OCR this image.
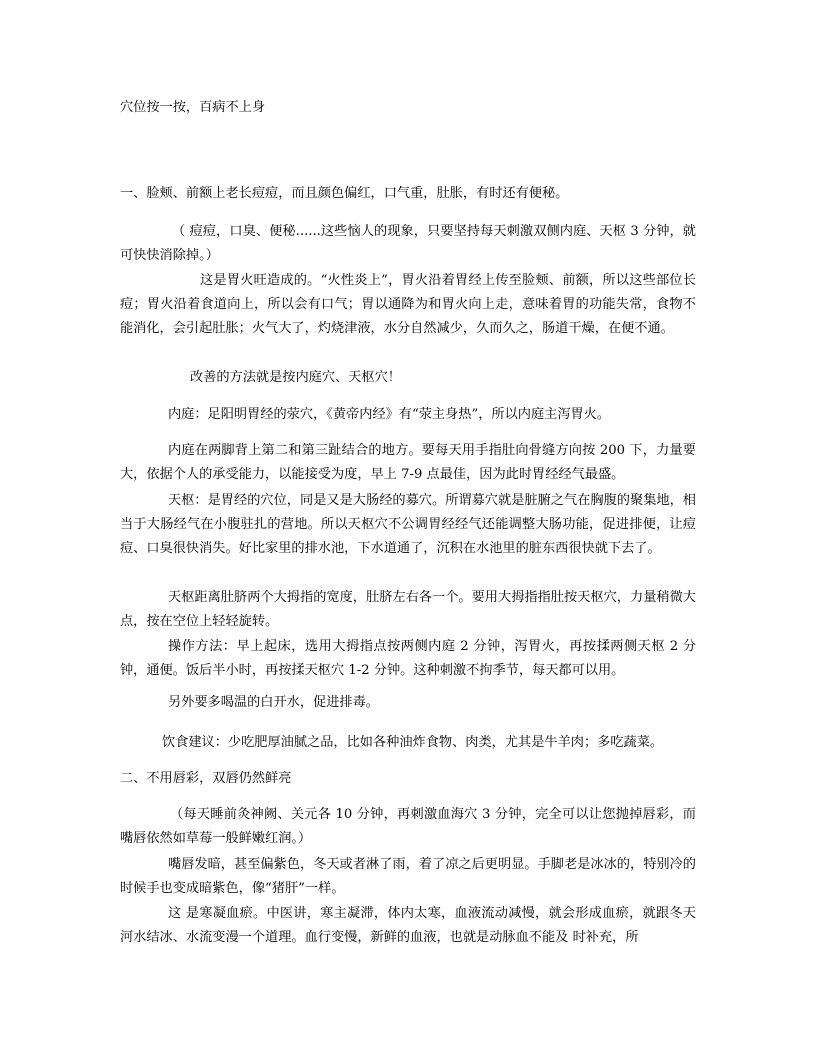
穴位按一按，百病不上身

一、脸颊、前额上老长痘痘，而且颜色偏红，口气重，肚胀，有时还有便秘。

（ 痘痘，口臭、便秘......这些恼人的现象，只要坚持每天刺激双侧内庭、天枢 3 分钟，就可快快消除掉。）

这是胃火旺造成的。“火性炎上”，胃火沿着胃经上传至脸颊、前额，所以这些部位长痘；胃火沿着食道向上，所以会有口气；胃以通降为和胃火向上走，意味着胃的功能失常，食物不能消化，会引起肚胀；火气大了，灼烧津液，水分自然减少，久而久之，肠道干燥，在便不通。

改善的方法就是按内庭穴、天枢穴！

内庭：足阳明胃经的荥穴，《黄帝内经》有“荥主身热”，所以内庭主泻胃火。

内庭在两脚背上第二和第三趾结合的地方。要每天用手指肚向骨缝方向按 200 下，力量要大，依据个人的承受能力，以能接受为度，早上 7-9 点最佳，因为此时胃经经气最盛。

天枢：是胃经的穴位，同是又是大肠经的募穴。所谓募穴就是脏腑之气在胸腹的聚集地，相当于大肠经气在小腹驻扎的营地。所以天枢穴不公调胃经经气还能调整大肠功能，促进排便，让痘痘、口臭很快消失。好比家里的排水池，下水道通了，沉积在水池里的脏东西很快就下去了。

天枢距离肚脐两个大拇指的宽度，肚脐左右各一个。要用大拇指指肚按天枢穴，力量稍微大点，按在空位上轻轻旋转。

操作方法：早上起床，选用大拇指点按两侧内庭 2 分钟，泻胃火，再按揉两侧天枢 2 分钟，通便。饭后半小时，再按揉天枢穴 1-2 分钟。这种刺激不拘季节，每天都可以用。

另外要多喝温的白开水，促进排毒。

饮食建议：少吃肥厚油腻之品，比如各种油炸食物、肉类，尤其是牛羊肉；多吃蔬菜。

二、不用唇彩，双唇仍然鲜亮

（每天睡前灸神阙、关元各 10 分钟，再刺激血海穴 3 分钟，完全可以让您抛掉唇彩，而嘴唇依然如草莓一般鲜嫩红润。）

嘴唇发暗，甚至偏紫色，冬天或者淋了雨，着了凉之后更明显。手脚老是冰冰的，特别冷的时候手也变成暗紫色，像“猪肝”一样。

这 是寒凝血瘀。中医讲，寒主凝滞，体内太寒，血液流动减慢，就会形成血瘀，就跟冬天河水结冰、水流变漫一个道理。血行变慢，新鲜的血液，也就是动脉血不能及 时补充，所
